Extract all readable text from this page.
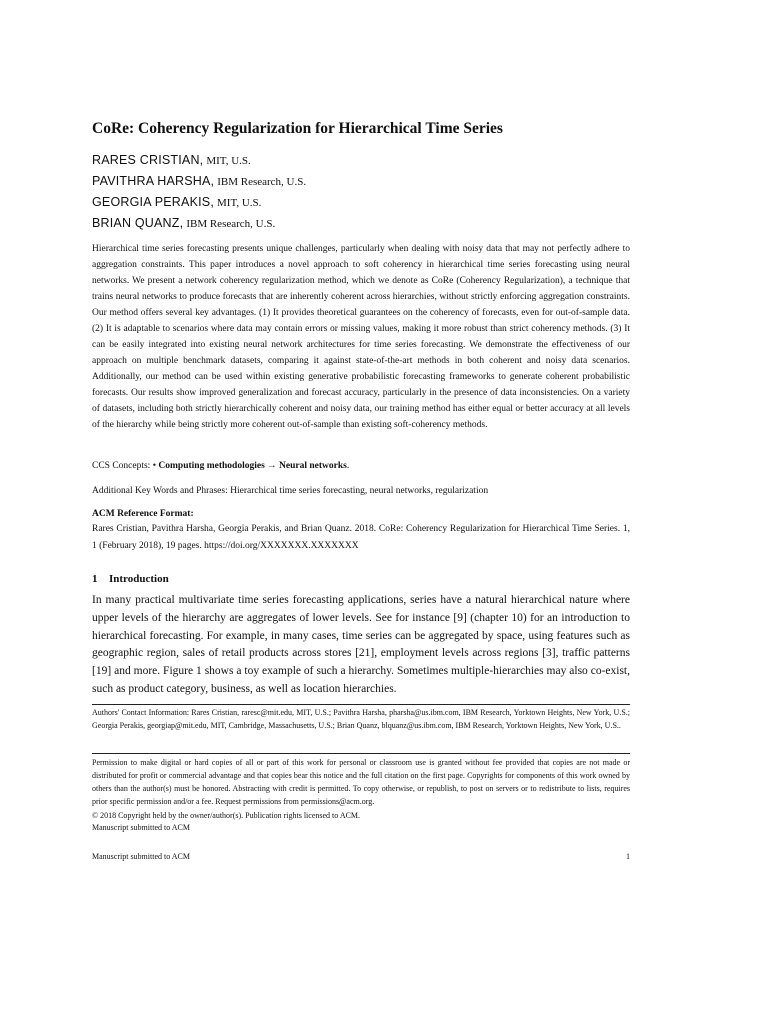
CoRe: Coherency Regularization for Hierarchical Time Series
RARES CRISTIAN, MIT, U.S.
PAVITHRA HARSHA, IBM Research, U.S.
GEORGIA PERAKIS, MIT, U.S.
BRIAN QUANZ, IBM Research, U.S.

Hierarchical time series forecasting presents unique challenges, particularly when dealing with noisy data that may not perfectly adhere to aggregation constraints. This paper introduces a novel approach to soft coherency in hierarchical time series forecasting using neural networks. We present a network coherency regularization method, which we denote as CoRe (Coherency Regularization), a technique that trains neural networks to produce forecasts that are inherently coherent across hierarchies, without strictly enforcing aggregation constraints. Our method offers several key advantages. (1) It provides theoretical guarantees on the coherency of forecasts, even for out-of-sample data. (2) It is adaptable to scenarios where data may contain errors or missing values, making it more robust than strict coherency methods. (3) It can be easily integrated into existing neural network architectures for time series forecasting. We demonstrate the effectiveness of our approach on multiple benchmark datasets, comparing it against state-of-the-art methods in both coherent and noisy data scenarios. Additionally, our method can be used within existing generative probabilistic forecasting frameworks to generate coherent probabilistic forecasts. Our results show improved generalization and forecast accuracy, particularly in the presence of data inconsistencies. On a variety of datasets, including both strictly hierarchically coherent and noisy data, our training method has either equal or better accuracy at all levels of the hierarchy while being strictly more coherent out-of-sample than existing soft-coherency methods.

CCS Concepts: • Computing methodologies → Neural networks.
Additional Key Words and Phrases: Hierarchical time series forecasting, neural networks, regularization
ACM Reference Format:
Rares Cristian, Pavithra Harsha, Georgia Perakis, and Brian Quanz. 2018. CoRe: Coherency Regularization for Hierarchical Time Series. 1, 1 (February 2018), 19 pages. https://doi.org/XXXXXXX.XXXXXXX
1 Introduction

In many practical multivariate time series forecasting applications, series have a natural hierarchical nature where upper levels of the hierarchy are aggregates of lower levels. See for instance [9] (chapter 10) for an introduction to hierarchical forecasting. For example, in many cases, time series can be aggregated by space, using features such as geographic region, sales of retail products across stores [21], employment levels across regions [3], traffic patterns [19] and more. Figure 1 shows a toy example of such a hierarchy. Sometimes multiple-hierarchies may also co-exist, such as product category, business, as well as location hierarchies.

Authors' Contact Information: Rares Cristian, raresc@mit.edu, MIT, U.S.; Pavithra Harsha, pharsha@us.ibm.com, IBM Research, Yorktown Heights, New York, U.S.; Georgia Perakis, georgiap@mit.edu, MIT, Cambridge, Massachusetts, U.S.; Brian Quanz, blquanz@us.ibm.com, IBM Research, Yorktown Heights, New York, U.S..
Permission to make digital or hard copies of all or part of this work for personal or classroom use is granted without fee provided that copies are not made or distributed for profit or commercial advantage and that copies bear this notice and the full citation on the first page. Copyrights for components of this work owned by others than the author(s) must be honored. Abstracting with credit is permitted. To copy otherwise, or republish, to post on servers or to redistribute to lists, requires prior specific permission and/or a fee. Request permissions from permissions@acm.org.
© 2018 Copyright held by the owner/author(s). Publication rights licensed to ACM.
Manuscript submitted to ACM
Manuscript submitted to ACM	1
